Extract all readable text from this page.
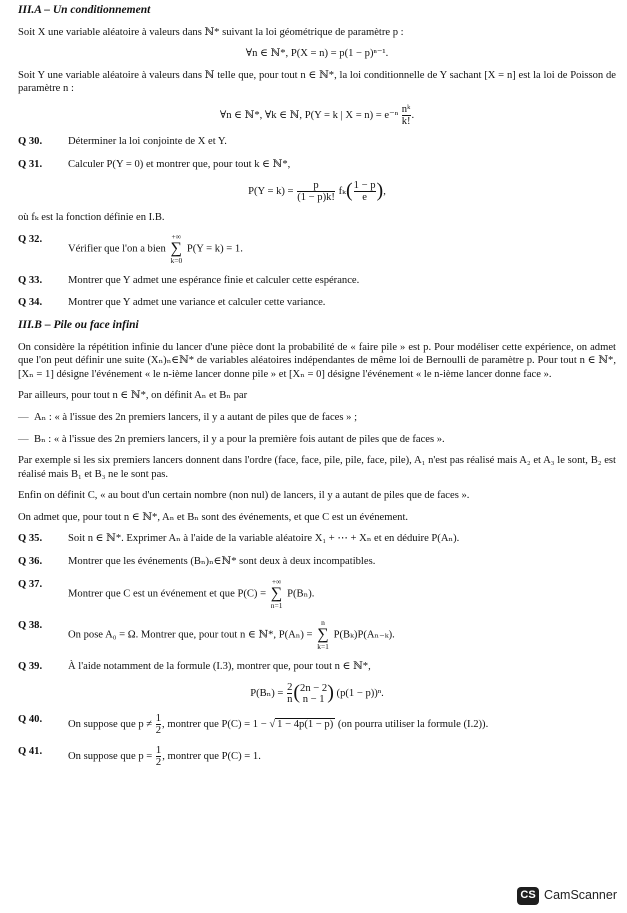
III.A – Un conditionnement

Soit X une variable aléatoire à valeurs dans ℕ* suivant la loi géométrique de paramètre p :

∀n ∈ ℕ*, P(X = n) = p(1 − p)ⁿ⁻¹.

Soit Y une variable aléatoire à valeurs dans ℕ telle que, pour tout n ∈ ℕ*, la loi conditionnelle de Y sachant [X = n] est la loi de Poisson de paramètre n :

∀n ∈ ℕ*, ∀k ∈ ℕ, P(Y = k | $X = n) = e^{-n} \frac{\text{nᵏ}}{k!}$ .
Q 30.	Déterminer la loi conjointe de X et Y.
Q 31.	Calculer P(Y = 0) et montrer que, pour tout k ∈ ℕ*,
$P(Y = k) = \frac{p}{(1 - p)k!} f_k( \frac{1 - p}{e}$ ),

où fₖ est la fonction définie en I.B.

Q 32.
Vérifier que l'on a bien
+∞
∑
k=0
P(Y = k) = 1.
Q 33.	Montrer que Y admet une espérance finie et calculer cette espérance.
Q 34.	Montrer que Y admet une variance et calculer cette variance.
III.B – Pile ou face infini

On considère la répétition infinie du lancer d'une pièce dont la probabilité de « faire pile » est p. Pour modéliser cette expérience, on admet que l'on peut définir une suite (Xₙ)ₙ∈ℕ* de variables aléatoires indépendantes de même loi de Bernoulli de paramètre p. Pour tout n ∈ ℕ*, [Xₙ = 1] désigne l'événement « le n-ième lancer donne pile » et [Xₙ = 0] désigne l'événement « le n-ième lancer donne face ».

Par ailleurs, pour tout n ∈ ℕ*, on définit Aₙ et Bₙ par

— Aₙ : « à l'issue des 2n premiers lancers, il y a autant de piles que de faces » ;
— Bₙ : « à l'issue des 2n premiers lancers, il y a pour la première fois autant de piles que de faces ».

Par exemple si les six premiers lancers donnent dans l'ordre (face, face, pile, pile, face, pile), A₁ n'est pas réalisé mais A₂ et A₃ le sont, B₂ est réalisé mais B₁ et B₃ ne le sont pas.

Enfin on définit C, « au bout d'un certain nombre (non nul) de lancers, il y a autant de piles que de faces ».

On admet que, pour tout n ∈ ℕ*, Aₙ et Bₙ sont des événements, et que C est un événement.

Q 35.	Soit n ∈ ℕ*. Exprimer Aₙ à l'aide de la variable aléatoire X₁ + ⋯ + Xₙ et en déduire P(Aₙ).
Q 36.	Montrer que les événements (Bₙ)ₙ∈ℕ* sont deux à deux incompatibles.
Q 37.
Montrer que C est un événement et que P(C) =
+∞
∑
n=1
P(Bₙ).
Q 38.
On pose A₀ = Ω. Montrer que, pour tout n ∈ ℕ*, P(Aₙ) =
n
∑
k=1
P(Bₖ)P(Aₙ₋ₖ).
Q 39.	À l'aide notamment de la formule (I.3), montrer que, pour tout n ∈ ℕ*,
$P(B_n) = \frac{2}{n}$ ( 2n − 2
n − 1 ) (p(1 − p))ⁿ.
Q 40.	On suppose que $p \ne \frac{1}{2}$ , montrer que P(C) = 1 − √ 1 − 4p(1 − p) (on pourra utiliser la formule (I.2)).
Q 41.	On suppose que $p = \frac{1}{2}$ , montrer que P(C) = 1.
CS CamScanner
